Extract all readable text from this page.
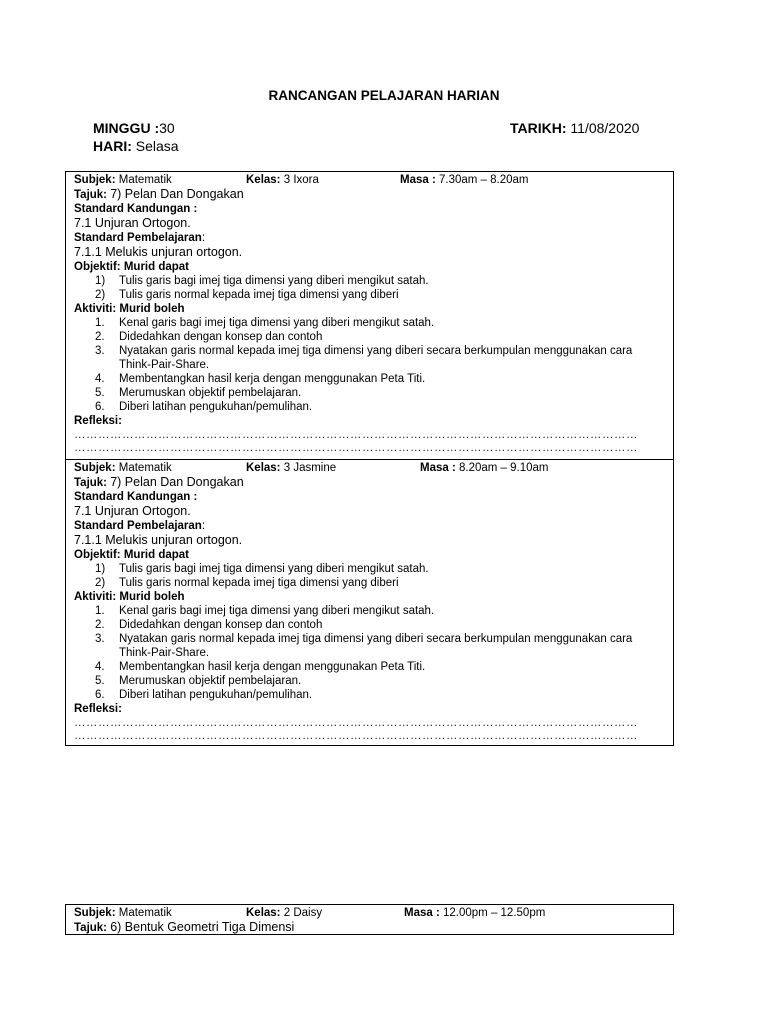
RANCANGAN PELAJARAN HARIAN
MINGGU :30	TARIKH: 11/08/2020
HARI: Selasa
Subjek: Matematik	Kelas: 3 Ixora	Masa : 7.30am – 8.20am
Tajuk: 7) Pelan Dan Dongakan
Standard Kandungan :
7.1 Unjuran Ortogon.
Standard Pembelajaran:
7.1.1 Melukis unjuran ortogon.
Objektif: Murid dapat
1) Tulis garis bagi imej tiga dimensi yang diberi mengikut satah.
2) Tulis garis normal kepada imej tiga dimensi yang diberi
Aktiviti: Murid boleh
1. Kenal garis bagi imej tiga dimensi yang diberi mengikut satah.
2. Didedahkan dengan konsep dan contoh
3. Nyatakan garis normal kepada imej tiga dimensi yang diberi secara berkumpulan menggunakan cara Think-Pair-Share.
4. Membentangkan hasil kerja dengan menggunakan Peta Titi.
5. Merumuskan objektif pembelajaran.
6. Diberi latihan pengukuhan/pemulihan.
Refleksi:
……………………………………………………………………………………………………………………………
……………………………………………………………………………………………………………………………
Subjek: Matematik	Kelas: 3 Jasmine	Masa : 8.20am – 9.10am
Tajuk: 7) Pelan Dan Dongakan
Standard Kandungan :
7.1 Unjuran Ortogon.
Standard Pembelajaran:
7.1.1 Melukis unjuran ortogon.
Objektif: Murid dapat
1) Tulis garis bagi imej tiga dimensi yang diberi mengikut satah.
2) Tulis garis normal kepada imej tiga dimensi yang diberi
Aktiviti: Murid boleh
1. Kenal garis bagi imej tiga dimensi yang diberi mengikut satah.
2. Didedahkan dengan konsep dan contoh
3. Nyatakan garis normal kepada imej tiga dimensi yang diberi secara berkumpulan menggunakan cara Think-Pair-Share.
4. Membentangkan hasil kerja dengan menggunakan Peta Titi.
5. Merumuskan objektif pembelajaran.
6. Diberi latihan pengukuhan/pemulihan.
Refleksi:
……………………………………………………………………………………………………………………………
……………………………………………………………………………………………………………………………
Subjek: Matematik	Kelas: 2 Daisy	Masa : 12.00pm – 12.50pm
Tajuk: 6) Bentuk Geometri Tiga Dimensi
